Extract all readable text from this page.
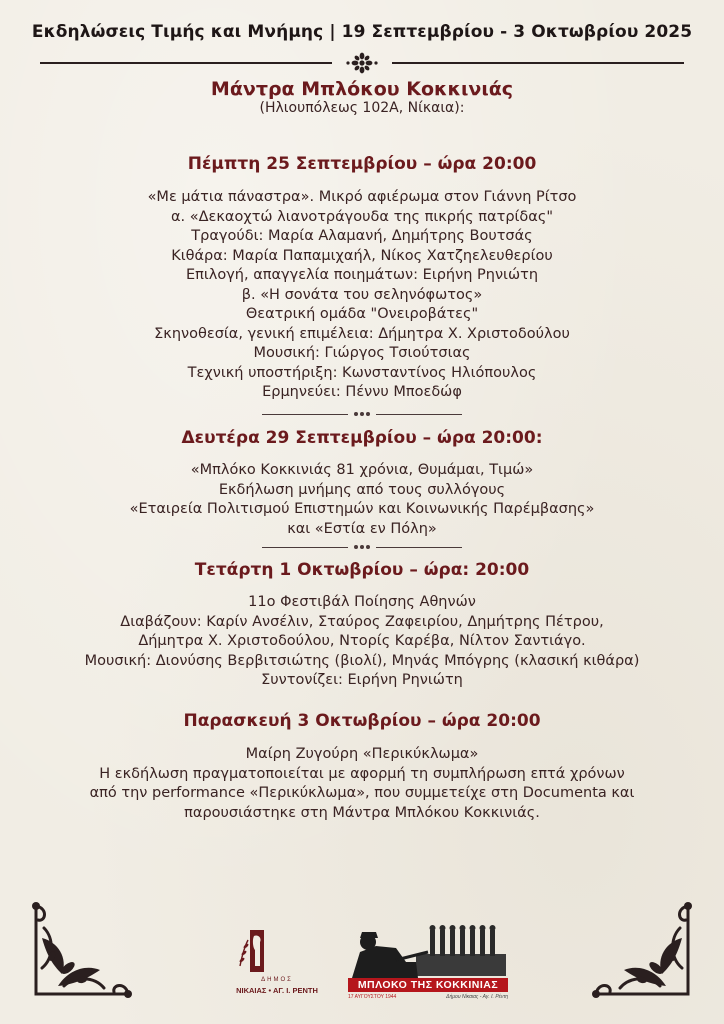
Εκδηλώσεις Τιμής και Μνήμης | 19 Σεπτεμβρίου - 3 Οκτωβρίου 2025
Μάντρα Μπλόκου Κοκκινιάς
(Ηλιουπόλεως 102Α, Νίκαια):
Πέμπτη 25 Σεπτεμβρίου – ώρα 20:00
«Με μάτια πάναστρα». Μικρό αφιέρωμα στον Γιάννη Ρίτσο
α. «Δεκαοχτώ λιανοτράγουδα της πικρής πατρίδας"
Τραγούδι: Μαρία Αλαμανή, Δημήτρης Βουτσάς
Κιθάρα: Μαρία Παπαμιχαήλ, Νίκος Χατζηελευθερίου
Επιλογή, απαγγελία ποιημάτων: Ειρήνη Ρηνιώτη
β. «Η σονάτα του σεληνόφωτος»
Θεατρική ομάδα "Ονειροβάτες"
Σκηνοθεσία, γενική επιμέλεια: Δήμητρα Χ. Χριστοδούλου
Μουσική: Γιώργος Τσιούτσιας
Τεχνική υποστήριξη: Κωνσταντίνος Ηλιόπουλος
Ερμηνεύει: Πέννυ Μποεδώφ
Δευτέρα 29 Σεπτεμβρίου – ώρα 20:00:
«Μπλόκο Κοκκινιάς 81 χρόνια, Θυμάμαι, Τιμώ»
Εκδήλωση μνήμης από τους συλλόγους
«Εταιρεία Πολιτισμού Επιστημών και Κοινωνικής Παρέμβασης»
και «Εστία εν Πόλη»
Τετάρτη 1 Οκτωβρίου – ώρα: 20:00
11ο Φεστιβάλ Ποίησης Αθηνών
Διαβάζουν: Καρίν Ανσέλιν, Σταύρος Ζαφειρίου, Δημήτρης Πέτρου,
Δήμητρα Χ. Χριστοδούλου, Ντορίς Καρέβα, Νίλτον Σαντιάγο.
Μουσική: Διονύσης Βερβιτσιώτης (βιολί), Μηνάς Μπόγρης (κλασική κιθάρα)
Συντονίζει: Ειρήνη Ρηνιώτη
Παρασκευή 3 Οκτωβρίου – ώρα 20:00
Μαίρη Ζυγούρη «Περικύκλωμα»
Η εκδήλωση πραγματοποιείται με αφορμή τη συμπλήρωση επτά χρόνων
από την performance «Περικύκλωμα», που συμμετείχε στη Documenta και
παρουσιάστηκε στη Μάντρα Μπλόκου Κοκκινιάς.
ΔΗΜΟΣ
ΝΙΚΑΙΑΣ • ΑΓ. Ι. ΡΕΝΤΗ	ΜΠΛΟΚΟ ΤΗΣ ΚΟΚΚΙΝΙΑΣ
17 ΑΥΓΟΥΣΤΟΥ 1944	Δήμου Νίκαιας - Αγ. Ι. Ρέντη
